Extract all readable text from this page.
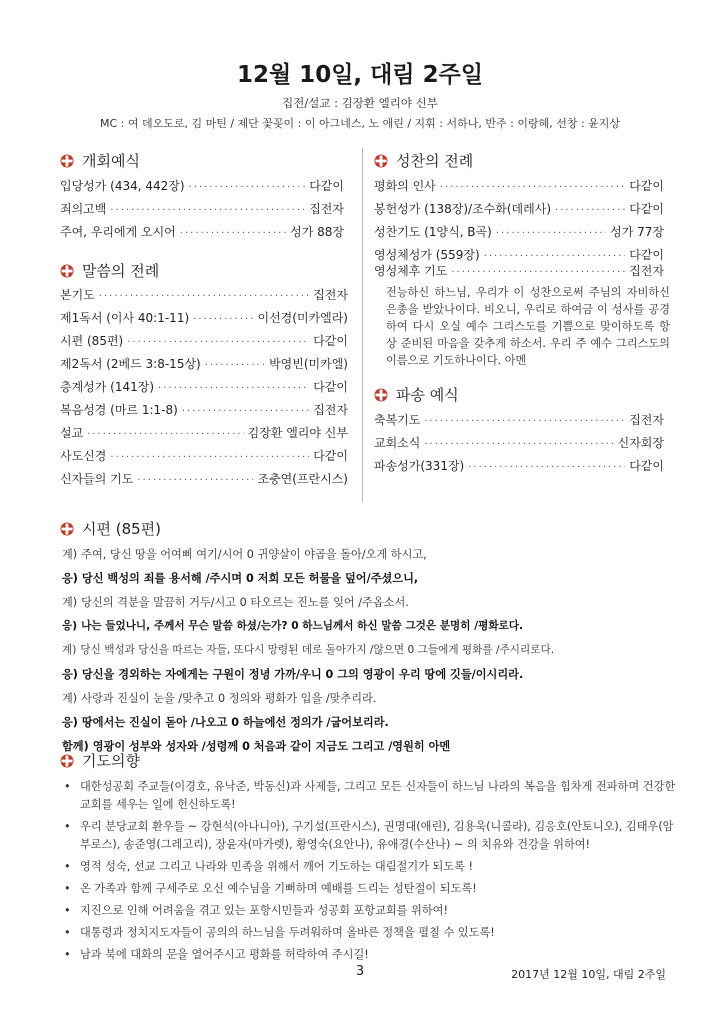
12월 10일, 대림 2주일
집전/설교 : 김장환 엘리야 신부
MC : 여 데오도로, 김 마틴 / 제단 꽃꽂이 : 이 아그네스, 노 애린 / 지휘 : 서하나, 반주 : 이랑혜, 선창 : 윤지상
개회예식
입당성가 (434, 442장) ·····	다같이
죄의고백 ·····	집전자
주여, 우리에게 오시어 ·····	성가 88장
말씀의 전례
본기도 ·····	집전자
제1독서 (이사 40:1-11) ·····	이선경(미카엘라)
시편 (85편) ·····	다같이
제2독서 (2베드 3:8-15상) ·····	박영빈(미카엘)
층계성가 (141장) ·····	다같이
복음성경 (마르 1:1-8) ·····	집전자
설교 ·····	김장환 엘리야 신부
사도신경 ·····	다같이
신자들의 기도 ·····	조충연(프란시스)
성찬의 전례
평화의 인사 ·····	다같이
봉헌성가 (138장)/조수화(데레사) ·····	다같이
성찬기도 (1양식, B곡) ·····	성가 77장
영성체성가 (559장) ·····	다같이
영성체후 기도 ·····	집전자
전능하신 하느님, 우리가 이 성찬으로써 주님의 자비하신 은총을 받았나이다. 비오니, 우리로 하여금 이 성사를 공경하여 다시 오실 예수 그리스도를 기쁨으로 맞이하도록 항상 준비된 마음을 갖추게 하소서. 우리 주 예수 그리스도의 이름으로 기도하나이다. 아멘
파송 예식
축복기도 ·····	집전자
교회소식 ·····	신자회장
파송성가(331장) ·····	다같이
시편 (85편)
계) 주여, 당신 땅을 어여삐 여기/시어 0 귀양살이 야곱을 돌아/오게 하시고,
응) 당신 백성의 죄를 용서해 /주시며 0 저희 모든 허물을 덮어/주셨으니,
계) 당신의 격분을 말끔히 거두/시고 0 타오르는 진노를 잊어 /주옵소서.
응) 나는 들었나니, 주께서 무슨 말씀 하셨/는가? 0 하느님께서 하신 말씀 그것은 분명히 /평화로다.
계) 당신 백성과 당신을 따르는 자들, 또다시 망령된 데로 돌아가지 /않으면 0 그들에게 평화를 /주시리로다.
응) 당신을 경외하는 자에게는 구원이 정녕 가까/우니 0 그의 영광이 우리 땅에 깃들/이시리라.
계) 사랑과 진실이 눈을 /맞추고 0 정의와 평화가 입을 /맞추리라.
응) 땅에서는 진실이 돋아 /나오고 0 하늘에선 정의가 /굽어보리라.
함께) 영광이 성부와 성자와 /성령께 0 처음과 같이 지금도 그리고 /영원히 아멘
기도의향
• 대한성공회 주교들(이경호, 유낙준, 박동신)과 사제들, 그리고 모든 신자들이 하느님 나라의 복음을 힘차게 전파하며 건강한 교회를 세우는 일에 헌신하도록!
• 우리 분당교회 환우들 ~ 강현석(아나니아), 구기설(프란시스), 권명대(애린), 김용욱(니콜라), 김응호(안토니오), 김태우(암부로스), 송준영(그레고리), 장윤자(마가렛), 황영숙(요안나), 유애경(수산나) ~ 의 치유와 건강을 위하여!
• 영적 성숙, 선교 그리고 나라와 민족을 위해서 깨어 기도하는 대림절기가 되도록 !
• 온 가족과 함께 구세주로 오신 예수님을 기뻐하며 예배를 드리는 성탄절이 되도록!
• 지진으로 인해 어려움을 겪고 있는 포항시민들과 성공회 포항교회를 위하여!
• 대통령과 정치지도자들이 공의의 하느님을 두려워하며 올바른 정책을 펼칠 수 있도록!
• 남과 북에 대화의 문을 열어주시고 평화를 허락하여 주시길!
3	2017년 12월 10일, 대림 2주일
